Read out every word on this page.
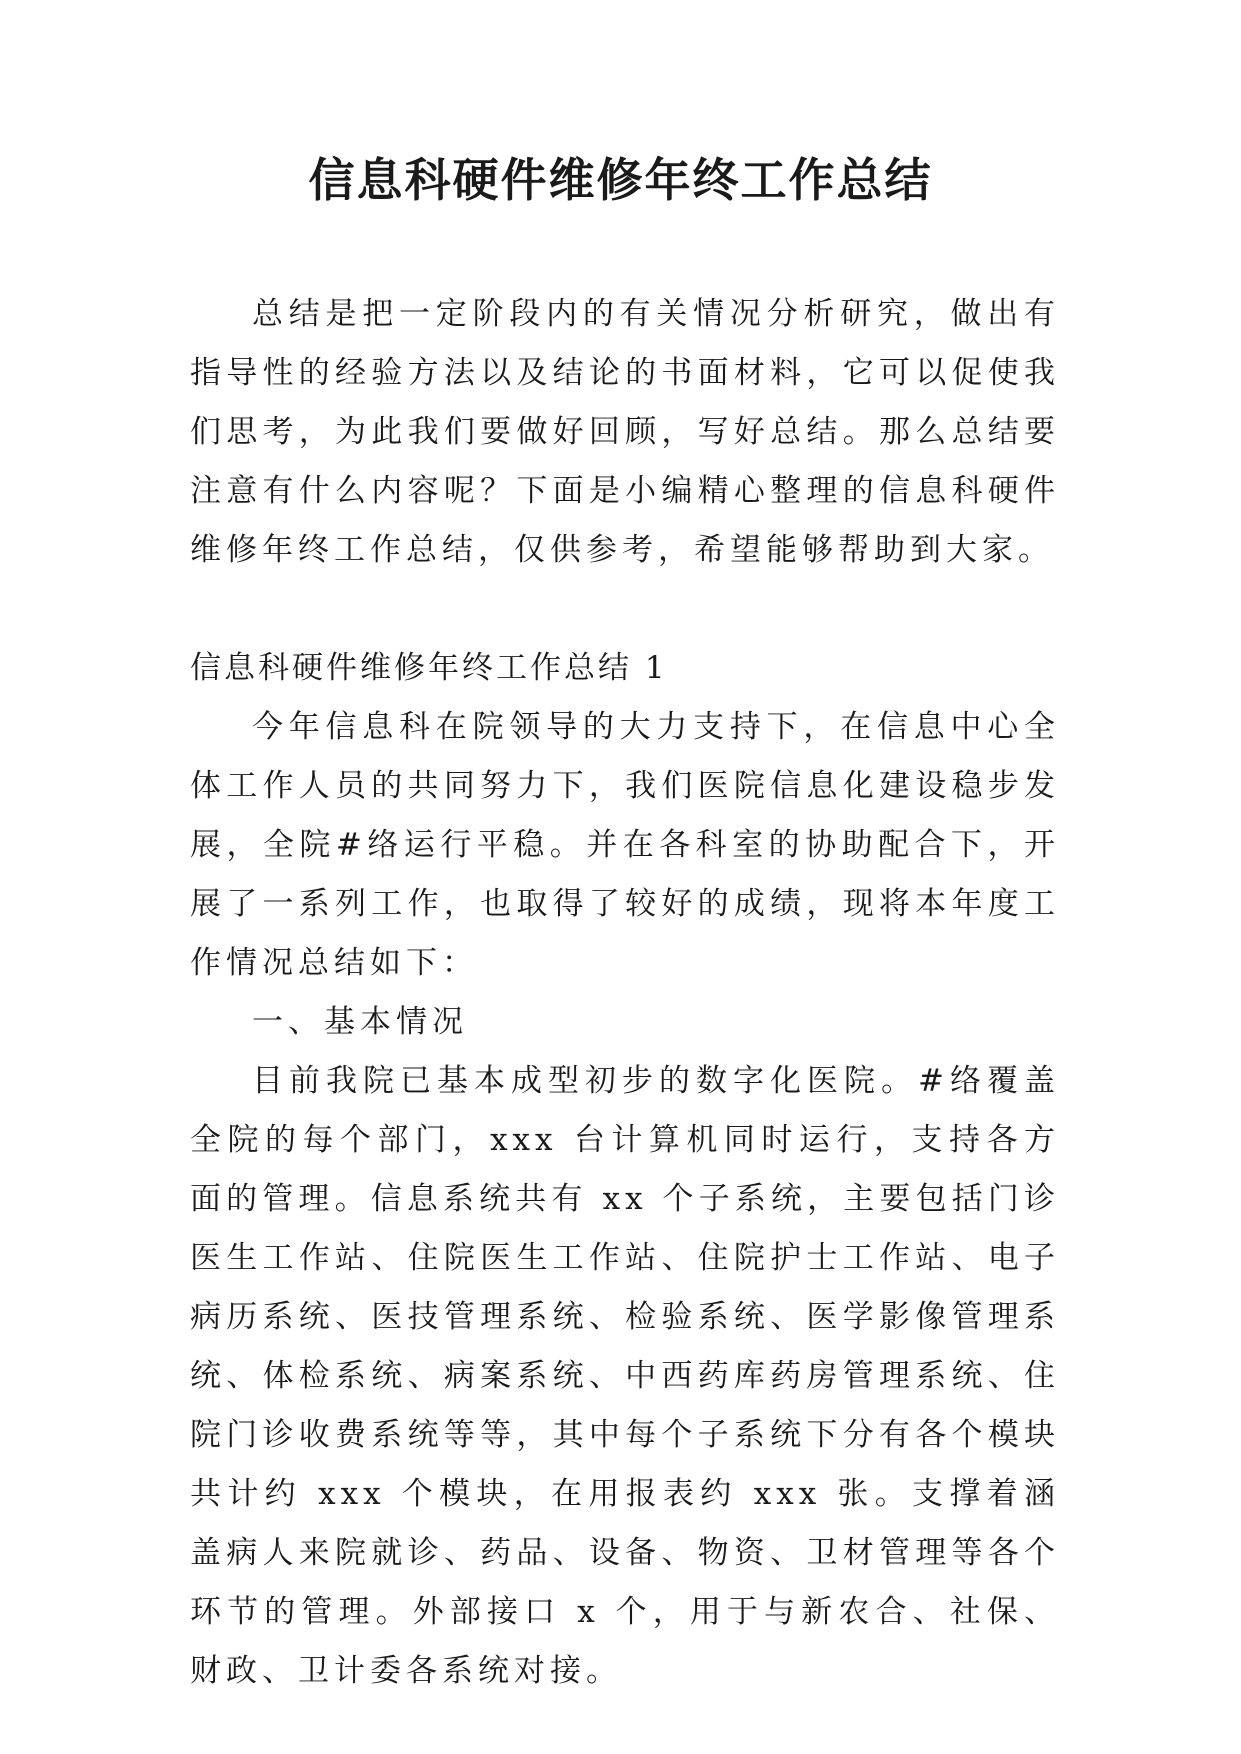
信息科硬件维修年终工作总结

总结是把一定阶段内的有关情况分析研究，做出有指导性的经验方法以及结论的书面材料，它可以促使我们思考，为此我们要做好回顾，写好总结。那么总结要注意有什么内容呢？下面是小编精心整理的信息科硬件维修年终工作总结，仅供参考，希望能够帮助到大家。

信息科硬件维修年终工作总结 1

今年信息科在院领导的大力支持下，在信息中心全体工作人员的共同努力下，我们医院信息化建设稳步发展，全院#络运行平稳。并在各科室的协助配合下，开展了一系列工作，也取得了较好的成绩，现将本年度工作情况总结如下：

一、基本情况

目前我院已基本成型初步的数字化医院。#络覆盖全院的每个部门，xxx 台计算机同时运行，支持各方面的管理。信息系统共有 xx 个子系统，主要包括门诊医生工作站、住院医生工作站、住院护士工作站、电子病历系统、医技管理系统、检验系统、医学影像管理系统、体检系统、病案系统、中西药库药房管理系统、住院门诊收费系统等等，其中每个子系统下分有各个模块共计约 xxx 个模块，在用报表约 xxx 张。支撑着涵盖病人来院就诊、药品、设备、物资、卫材管理等各个环节的管理。外部接口 x 个，用于与新农合、社保、财政、卫计委各系统对接。
